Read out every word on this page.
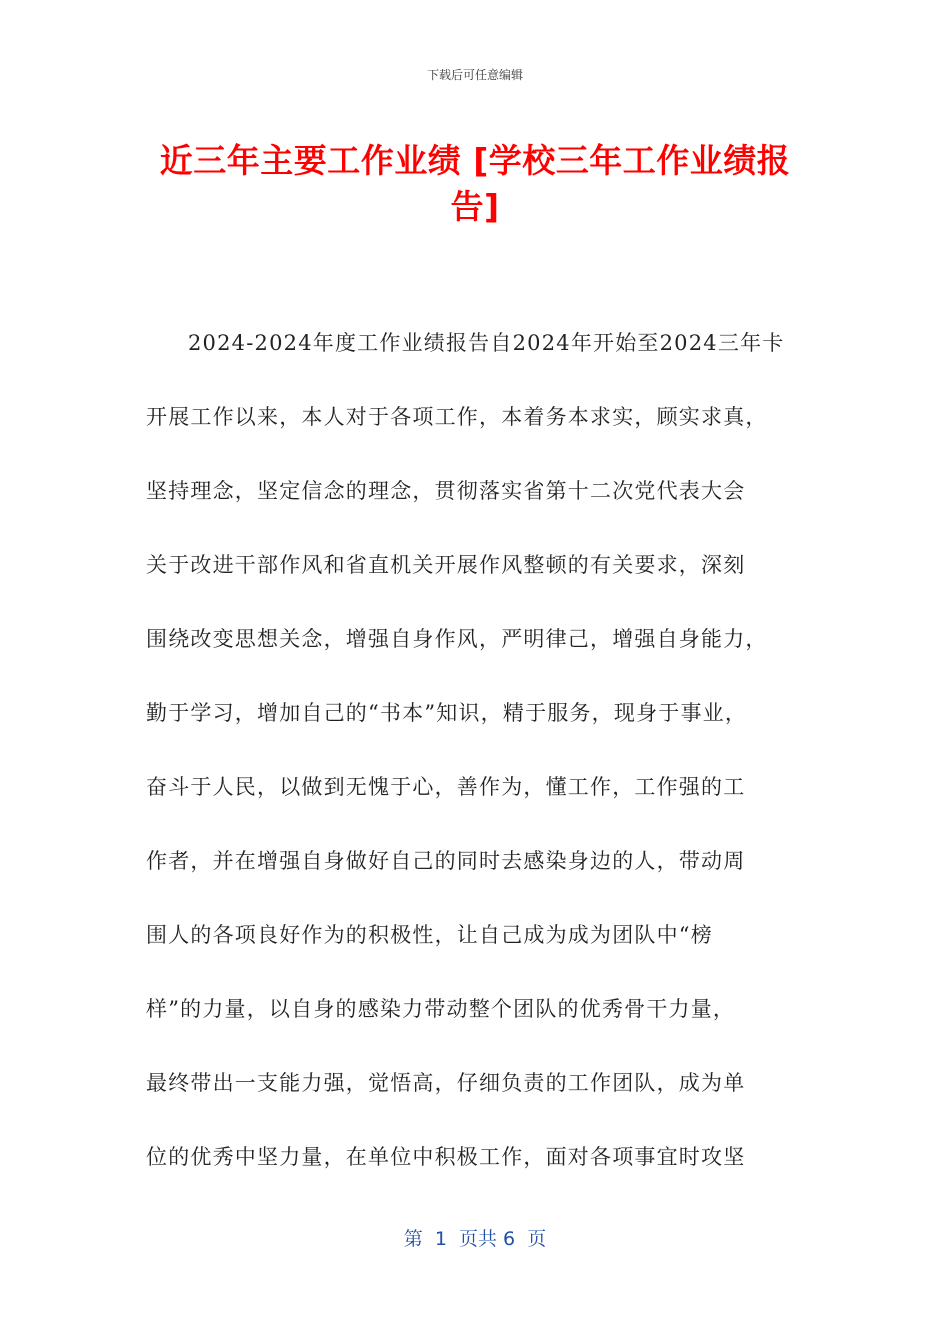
下载后可任意编辑
近三年主要工作业绩 [学校三年工作业绩报
告]
2024-2024年度工作业绩报告自2024年开始至2024三年卡
开展工作以来，本人对于各项工作，本着务本求实，顾实求真，
坚持理念，坚定信念的理念，贯彻落实省第十二次党代表大会
关于改进干部作风和省直机关开展作风整顿的有关要求，深刻
围绕改变思想关念，增强自身作风，严明律己，增强自身能力，
勤于学习，增加自己的“书本”知识，精于服务，现身于事业，
奋斗于人民，以做到无愧于心，善作为，懂工作，工作强的工
作者，并在增强自身做好自己的同时去感染身边的人，带动周
围人的各项良好作为的积极性，让自己成为成为团队中“榜
样”的力量，以自身的感染力带动整个团队的优秀骨干力量，
最终带出一支能力强，觉悟高，仔细负责的工作团队，成为单
位的优秀中坚力量，在单位中积极工作，面对各项事宜时攻坚
第  1  页共 6  页
